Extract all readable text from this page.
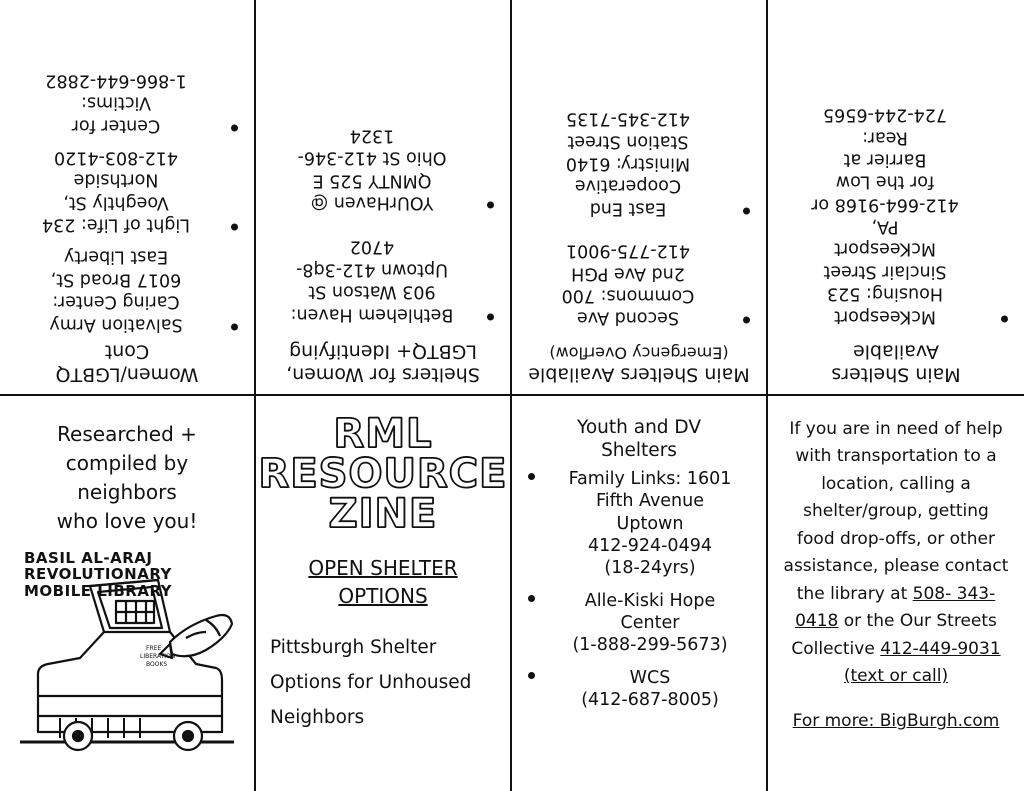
Women/LGBTQ
Cont
Salvation Army
Caring Center:
6017 Broad St,
East Liberty
Light of Life: 234
Voeghtly St,
Northside
412-803-4120
Center for
Victims:
1-866-644-2882
Shelters for Women,
LGBTQ+ Identifying
Bethlehem Haven:
903 Watson St
Uptown 412-3q8-
4702
YOUrHaven @
QMNTY 525 E
Ohio St 412-346-
1324
Main Shelters Available
(Emergency Overflow)
Second Ave
Commons: 700
2nd Ave PGH
412-775-9001
East End
Cooperative
Ministry: 6140
Station Street
412-345-7135
Main Shelters
Available
McKeesport
Housing: 523
Sinclair Street
McKeesport
PA,
412-664-9168 or
for the Low
Barrier at
Rear:
724-244-6565
Researched +
compiled by neighbors
who love you!
BASIL AL-ARAJ
REVOLUTIONARY
MOBILE LIBRARY
FREE
LIBERATION
BOOKS
RML
RESOURCE
ZINE
OPEN SHELTER
OPTIONS
Pittsburgh Shelter
Options for Unhoused
Neighbors
Youth and DV
Shelters
Family Links: 1601
Fifth Avenue
Uptown
412-924-0494
(18-24yrs)
Alle-Kiski Hope
Center
(1-888-299-5673)
WCS
(412-687-8005)

If you are in need of help with transportation to a location, calling a shelter/group, getting food drop-offs, or other assistance, please contact the library at 508- 343-0418 or the Our Streets Collective 412-449-9031 (text or call)

For more: BigBurgh.com
